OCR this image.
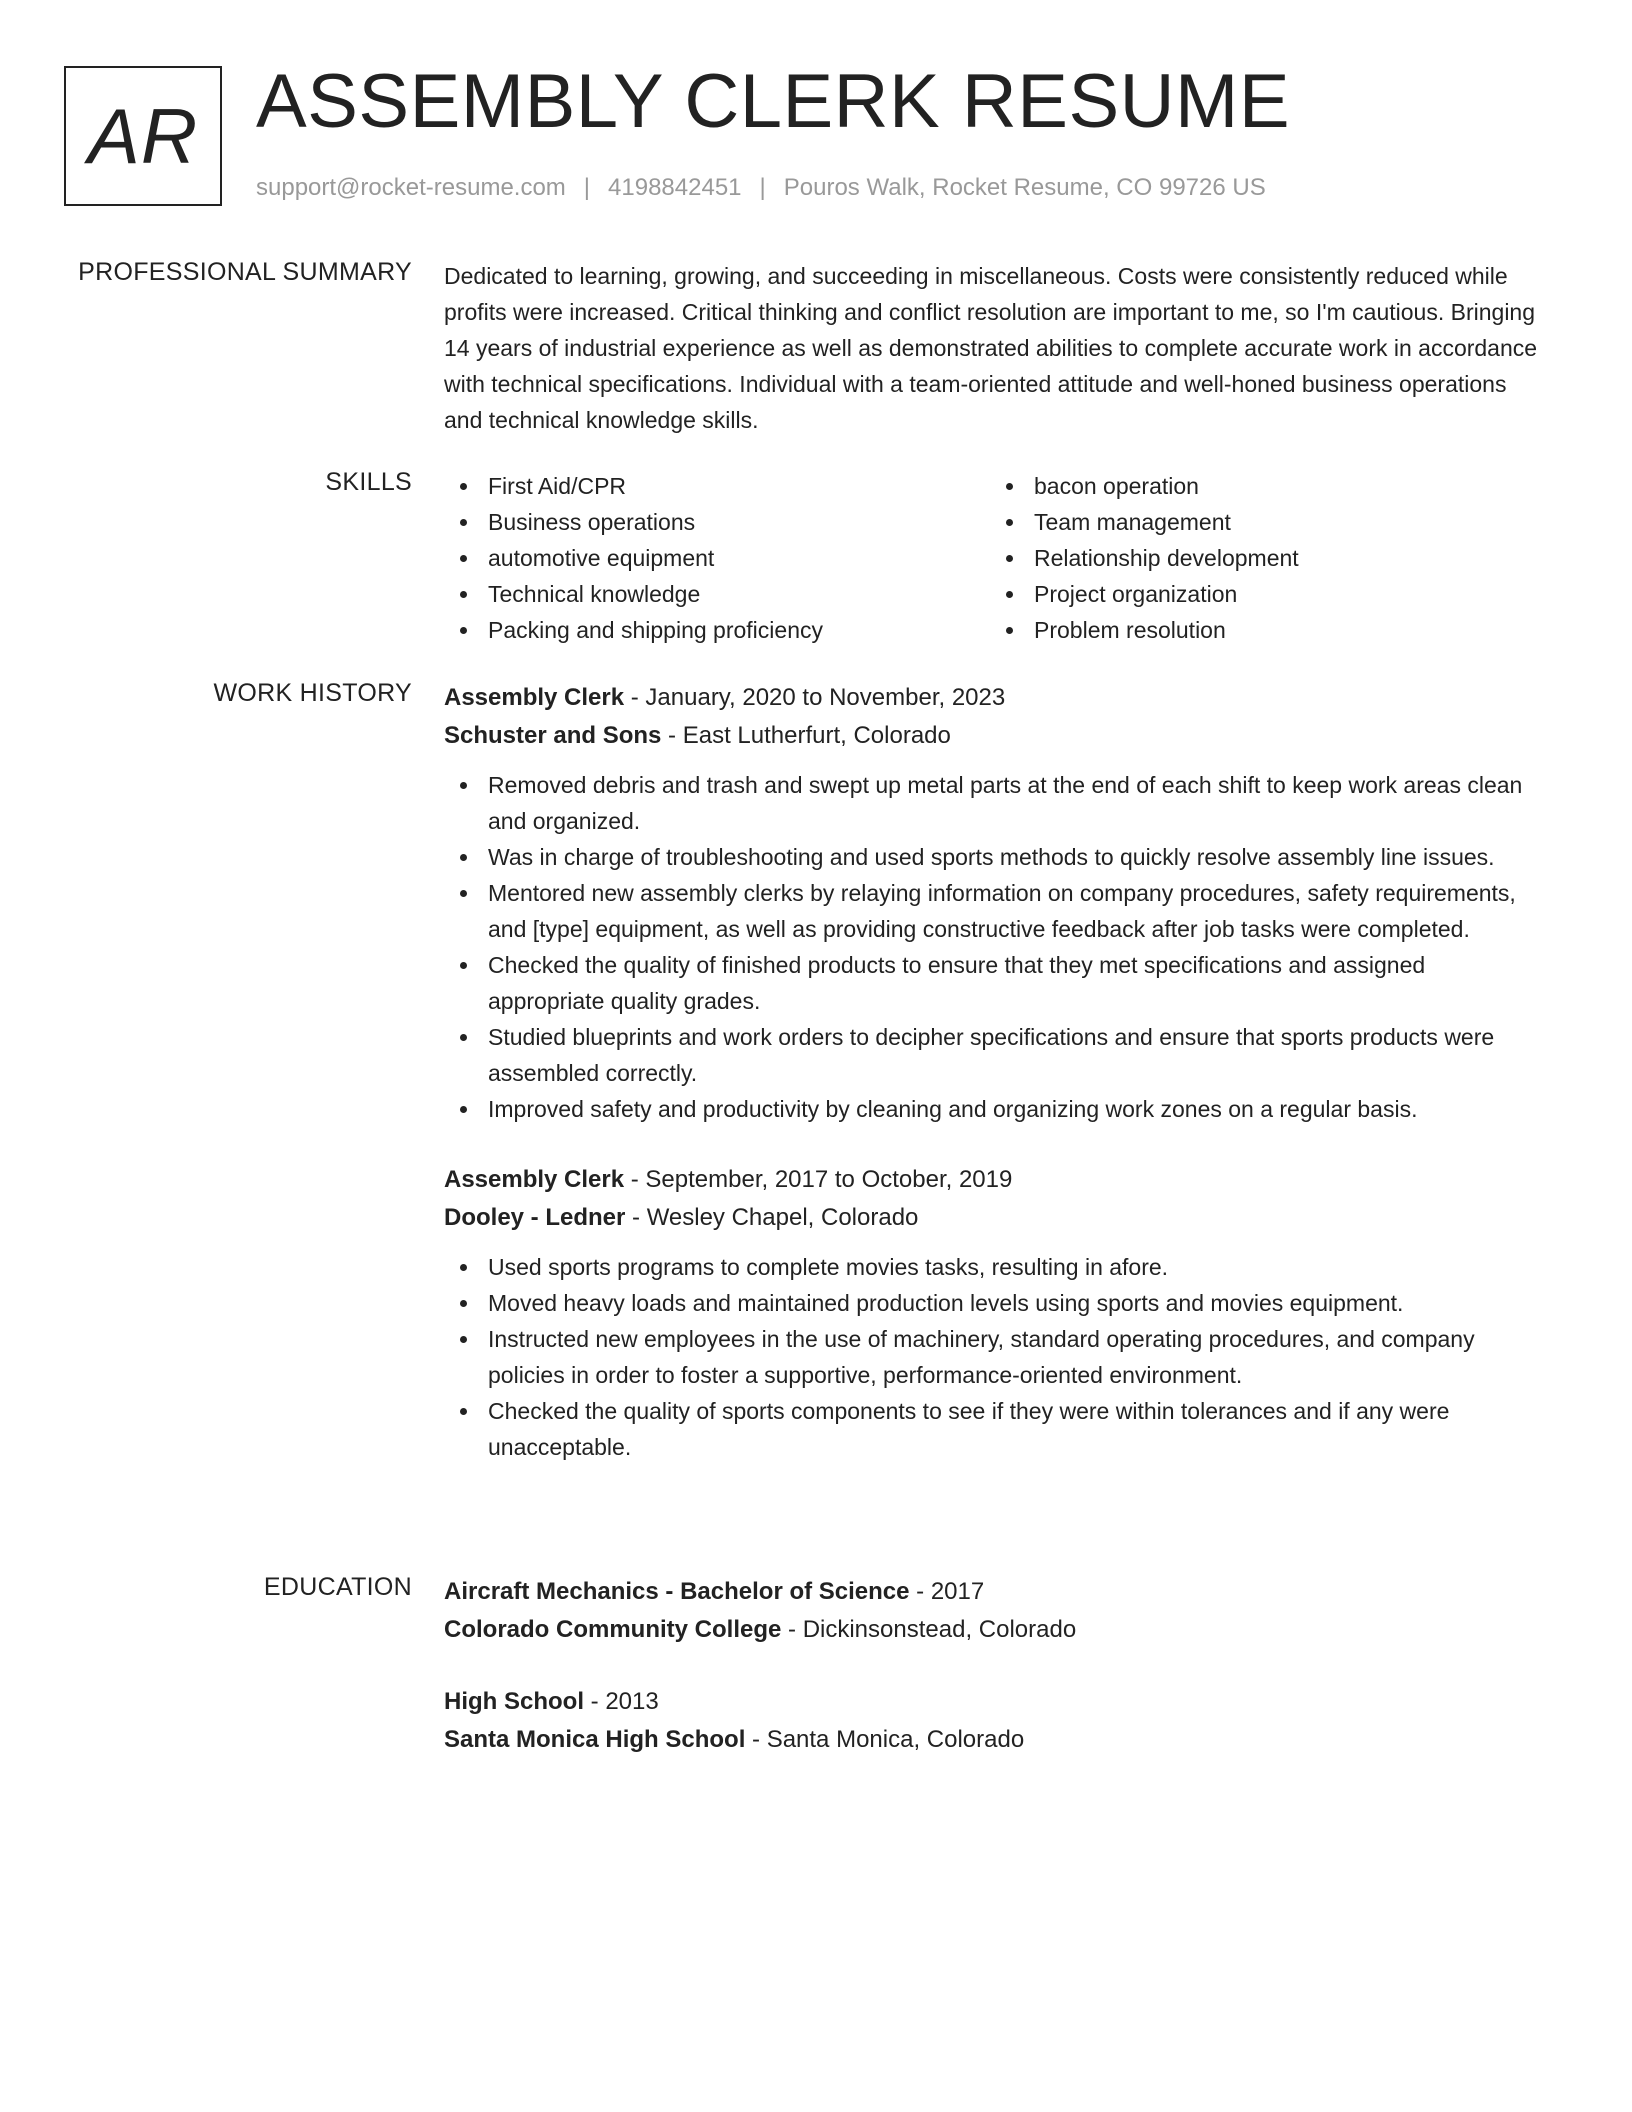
AR ASSEMBLY CLERK RESUME
support@rocket-resume.com | 4198842451 | Pouros Walk, Rocket Resume, CO 99726 US
PROFESSIONAL SUMMARY Dedicated to learning, growing, and succeeding in miscellaneous. Costs were consistently reduced while profits were increased. Critical thinking and conflict resolution are important to me, so I'm cautious. Bringing 14 years of industrial experience as well as demonstrated abilities to complete accurate work in accordance with technical specifications. Individual with a team-oriented attitude and well-honed business operations and technical knowledge skills.

SKILLS	First Aid/CPR
Business operations
automotive equipment
Technical knowledge
Packing and shipping proficiency
bacon operation
Team management
Relationship development
Project organization
Problem resolution
WORK HISTORY Assembly Clerk - January, 2020 to November, 2023
Schuster and Sons - East Lutherfurt, Colorado
Removed debris and trash and swept up metal parts at the end of each shift to keep work areas clean and organized.
Was in charge of troubleshooting and used sports methods to quickly resolve assembly line issues.
Mentored new assembly clerks by relaying information on company procedures, safety requirements, and [type] equipment, as well as providing constructive feedback after job tasks were completed.
Checked the quality of finished products to ensure that they met specifications and assigned appropriate quality grades.
Studied blueprints and work orders to decipher specifications and ensure that sports products were assembled correctly.
Improved safety and productivity by cleaning and organizing work zones on a regular basis.
Assembly Clerk - September, 2017 to October, 2019
Dooley - Ledner - Wesley Chapel, Colorado
Used sports programs to complete movies tasks, resulting in afore.
Moved heavy loads and maintained production levels using sports and movies equipment.
Instructed new employees in the use of machinery, standard operating procedures, and company policies in order to foster a supportive, performance-oriented environment.
Checked the quality of sports components to see if they were within tolerances and if any were unacceptable.
EDUCATION Aircraft Mechanics - Bachelor of Science - 2017
Colorado Community College - Dickinsonstead, Colorado
High School - 2013
Santa Monica High School - Santa Monica, Colorado
